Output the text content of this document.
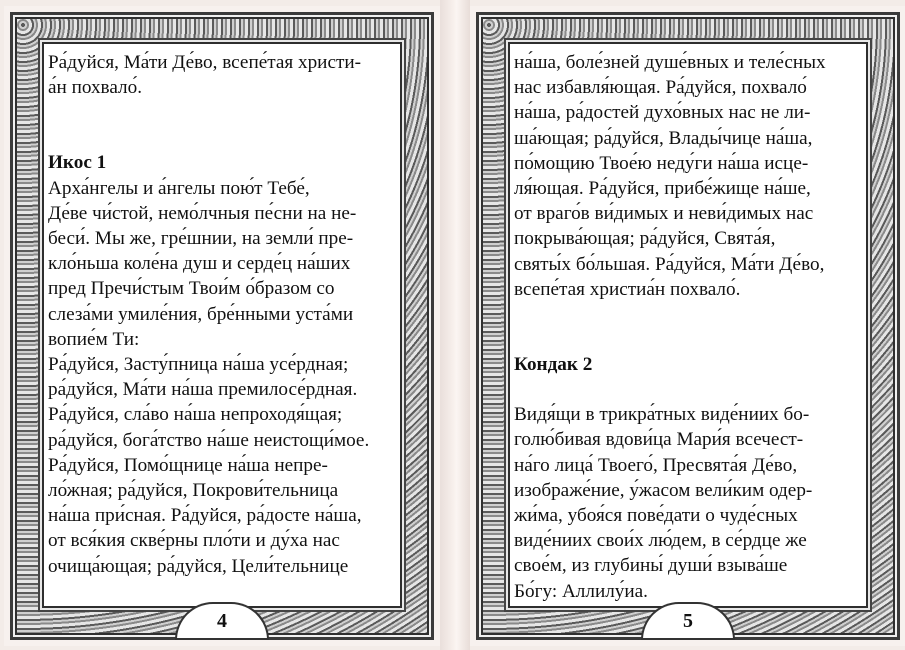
Ра́дуйся, Ма́ти Де́во, всепе́тая христи-

а́н похвало́.

Икос 1

Арха́нгелы и а́нгелы пою́т Тебе́,

Де́ве чи́стой, немо́лчныя пе́сни на не-

беси́. Мы же, гре́шнии, на земли́ пре-

кло́ньша коле́на душ и серде́ц на́ших

пред Пречи́стым Твои́м о́бразом со

слеза́ми умиле́ния, бре́нными уста́ми

вопие́м Ти:

Ра́дуйся, Засту́пница на́ша усе́рдная;

ра́дуйся, Ма́ти на́ша премилосе́рдная.

Ра́дуйся, сла́во на́ша непроходя́щая;

ра́дуйся, бога́тство на́ше неистощи́мое.

Ра́дуйся, Помо́щнице на́ша непре-

ло́жная; ра́дуйся, Покрови́тельница

на́ша при́сная. Ра́дуйся, ра́досте на́ша,

от вся́кия скве́рны пло́ти и ду́ха нас

очища́ющая; ра́дуйся, Цели́тельнице

4

на́ша, боле́зней душе́вных и теле́сных

нас избавля́ющая. Ра́дуйся, похвало́

на́ша, ра́достей духо́вных нас не ли-

ша́ющая; ра́дуйся, Влады́чице на́ша,

по́мощию Твое́ю неду́ги на́ша исце-

ля́ющая. Ра́дуйся, прибе́жище на́ше,

от враго́в ви́димых и неви́димых нас

покрыва́ющая; ра́дуйся, Свята́я,

святы́х бо́льшая. Ра́дуйся, Ма́ти Де́во,

всепе́тая христиа́н похвало́.

Кондак 2

Видя́щи в трикра́тных виде́ниих бо-

голю́бивая вдови́ца Мари́я всечест-

на́го лица́ Твоего́, Пресвята́я Де́во,

изображе́ние, у́жасом вели́ким одер-

жи́ма, убоя́ся пове́дати о чуде́сных

виде́ниих свои́х лю́дем, в се́рдце же

свое́м, из глубины́ души́ взыва́ше

Бо́гу: Аллилу́иа.

5
